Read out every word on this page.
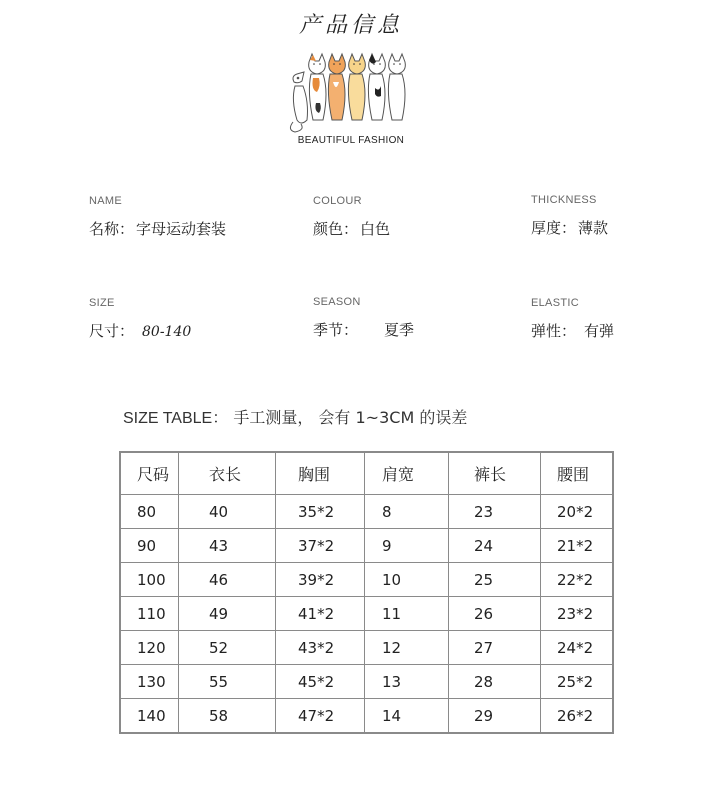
产品信息
BEAUTIFUL FASHION
NAME
名称： 字母运动套装
COLOUR
颜色： 白色
THICKNESS
厚度： 薄款
SIZE
尺寸： 80-140
SEASON
季节： 夏季
ELASTIC
弹性： 有弹
SIZE TABLE： 手工测量， 会有 1~3CM 的误差
尺码	衣长	胸围	肩宽	裤长	腰围
80	40	35*2	8	23	20*2
90	43	37*2	9	24	21*2
100	46	39*2	10	25	22*2
110	49	41*2	11	26	23*2
120	52	43*2	12	27	24*2
130	55	45*2	13	28	25*2
140	58	47*2	14	29	26*2
